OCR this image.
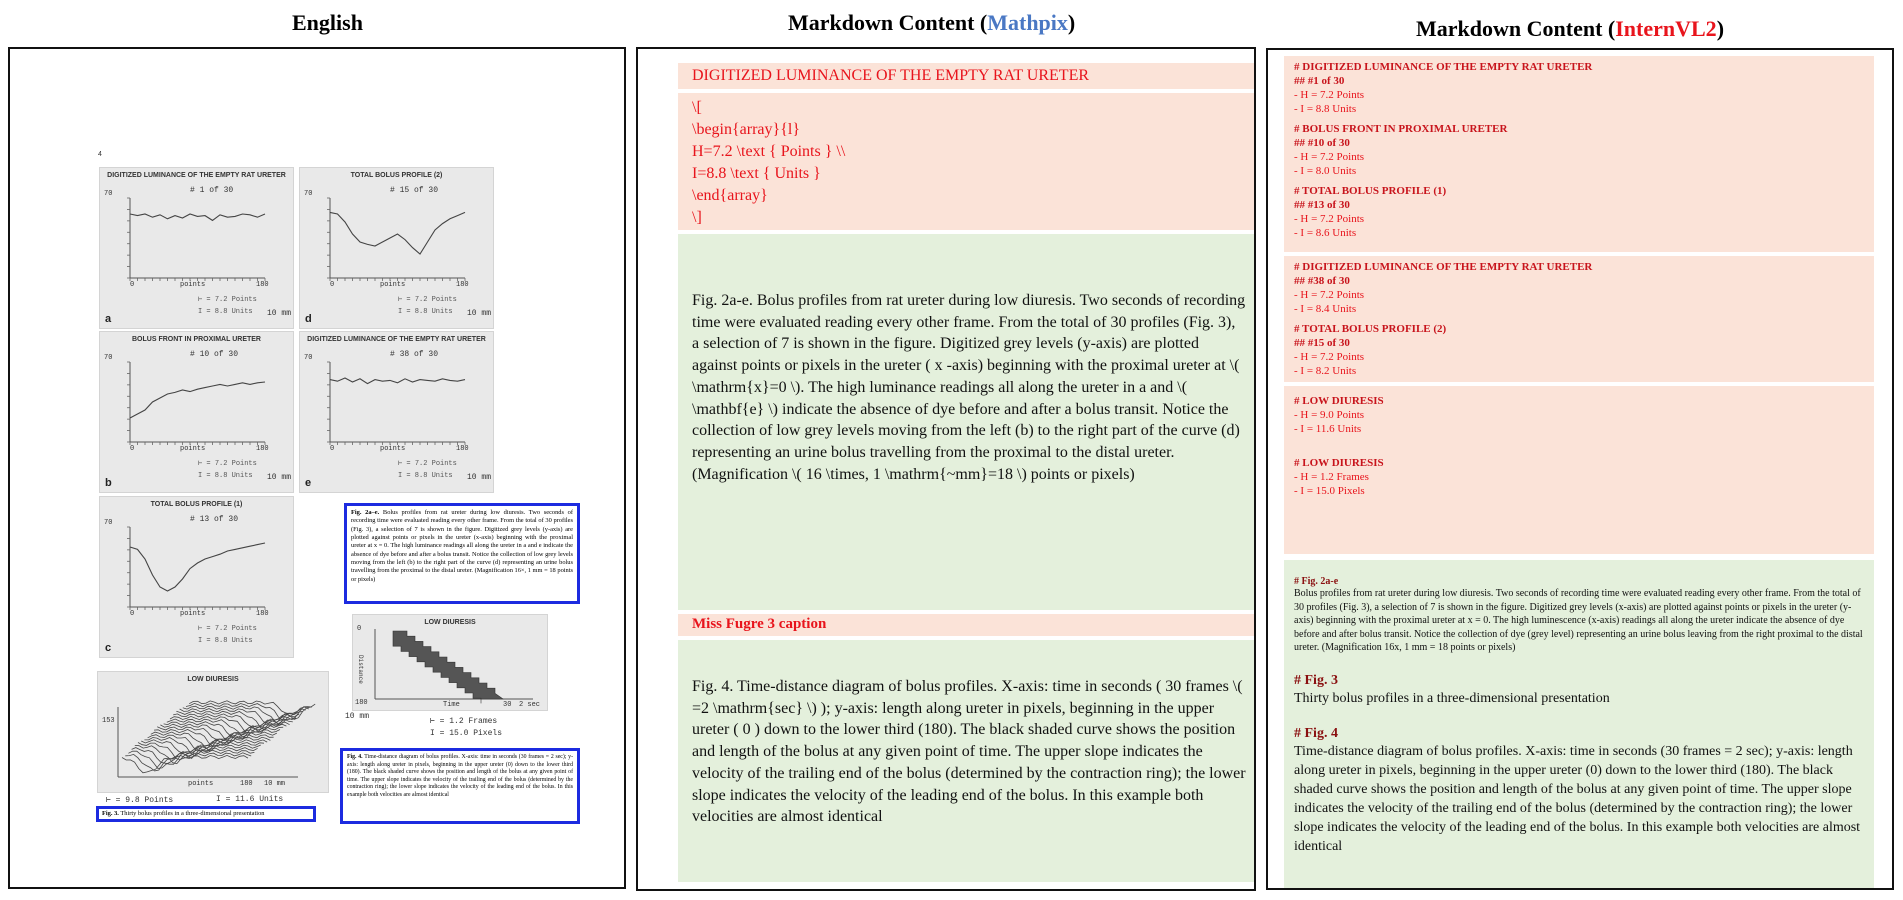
English	Markdown Content (Mathpix)	Markdown Content (InternVL2)
4
DIGITIZED LUMINANCE OF THE EMPTY RAT URETER
# 1 of 30
70
0	180
points
⊢ = 7.2 Points
I = 8.8 Units
a
TOTAL BOLUS PROFILE (2)
# 15 of 30
70
0	180
points
⊢ = 7.2 Points
I = 8.8 Units
d
BOLUS FRONT IN PROXIMAL URETER
# 10 of 30
70
0	180
points
⊢ = 7.2 Points
I = 8.8 Units
b
DIGITIZED LUMINANCE OF THE EMPTY RAT URETER
# 38 of 30
70
0	180
points
⊢ = 7.2 Points
I = 8.8 Units
e
TOTAL BOLUS PROFILE (1)
# 13 of 30
70
0	180
points
⊢ = 7.2 Points
I = 8.8 Units
c
10 mm	10 mm
10 mm	10 mm
Fig. 2a–e. Bolus profiles from rat ureter during low diuresis. Two seconds of recording time were evaluated reading every other frame. From the total of 30 profiles (Fig. 3), a selection of 7 is shown in the figure. Digitized grey levels (y-axis) are plotted against points or pixels in the ureter (x-axis) beginning with the proximal ureter at x = 0. The high luminance readings all along the ureter in a and e indicate the absence of dye before and after a bolus transit. Notice the collection of low grey levels moving from the left (b) to the right part of the curve (d) representing an urine bolus travelling from the proximal to the distal ureter. (Magnification 16×, 1 mm = 18 points or pixels)
LOW DIURESIS
153
points	180 10 mm
⊢ = 9.8 Points	I = 11.6 Units
Fig. 3. Thirty bolus profiles in a three-dimensional presentation
LOW DIURESIS
0
180
Distance
Time	30 2 sec
10 mm
⊢ = 1.2 Frames
I = 15.0 Pixels
Fig. 4. Time-distance diagram of bolus profiles. X-axis: time in seconds (30 frames = 2 sec); y-axis: length along ureter in pixels, beginning in the upper ureter (0) down to the lower third (180). The black shaded curve shows the position and length of the bolus at any given point of time. The upper slope indicates the velocity of the trailing end of the bolus (determined by the contraction ring); the lower slope indicates the velocity of the leading end of the bolus. In this example both velocities are almost identical
DIGITIZED LUMINANCE OF THE EMPTY RAT URETER
\[
\begin{array}{l}
H=7.2 \text { Points } \\
I=8.8 \text { Units }
\end{array}
\]
Fig. 2a-e. Bolus profiles from rat ureter during low diuresis. Two seconds of recording time were evaluated reading every other frame. From the total of 30 profiles (Fig. 3), a selection of 7 is shown in the figure. Digitized grey levels (y-axis) are plotted against points or pixels in the ureter ( x -axis) beginning with the proximal ureter at \( \mathrm{x}=0 \). The high luminance readings all along the ureter in a and \( \mathbf{e} \) indicate the absence of dye before and after a bolus transit. Notice the collection of low grey levels moving from the left (b) to the right part of the curve (d) representing an urine bolus travelling from the proximal to the distal ureter. (Magnification \( 16 \times, 1 \mathrm{~mm}=18 \) points or pixels)
Miss Fugre 3 caption
Fig. 4. Time-distance diagram of bolus profiles. X-axis: time in seconds ( 30 frames \( =2 \mathrm{sec} \) ); y-axis: length along ureter in pixels, beginning in the upper ureter ( 0 ) down to the lower third (180). The black shaded curve shows the position and length of the bolus at any given point of time. The upper slope indicates the velocity of the trailing end of the bolus (determined by the contraction ring); the lower slope indicates the velocity of the leading end of the bolus. In this example both velocities are almost identical
# DIGITIZED LUMINANCE OF THE EMPTY RAT URETER
## #1 of 30
- H = 7.2 Points
- I = 8.8 Units
# BOLUS FRONT IN PROXIMAL URETER
## #10 of 30
- H = 7.2 Points
- I = 8.0 Units
# TOTAL BOLUS PROFILE (1)
## #13 of 30
- H = 7.2 Points
- I = 8.6 Units
# DIGITIZED LUMINANCE OF THE EMPTY RAT URETER
## #38 of 30
- H = 7.2 Points
- I = 8.4 Units
# TOTAL BOLUS PROFILE (2)
## #15 of 30
- H = 7.2 Points
- I = 8.2 Units
# LOW DIURESIS
- H = 9.0 Points
- I = 11.6 Units
# LOW DIURESIS
- H = 1.2 Frames
- I = 15.0 Pixels
# Fig. 2a-e
Bolus profiles from rat ureter during low diuresis. Two seconds of recording time were evaluated reading every other frame. From the total of 30 profiles (Fig. 3), a selection of 7 is shown in the figure. Digitized grey levels (x-axis) are plotted against points or pixels in the ureter (y-axis) beginning with the proximal ureter at x = 0. The high luminescence (x-axis) readings all along the ureter indicate the absence of dye before and after bolus transit. Notice the collection of dye (grey level) representing an urine bolus leaving from the right proximal to the distal ureter. (Magnification 16x, 1 mm = 18 points or pixels)
# Fig. 3
Thirty bolus profiles in a three-dimensional presentation
# Fig. 4
Time-distance diagram of bolus profiles. X-axis: time in seconds (30 frames = 2 sec); y-axis: length along ureter in pixels, beginning in the upper ureter (0) down to the lower third (180). The black shaded curve shows the position and length of the bolus at any given point of time. The upper slope indicates the velocity of the trailing end of the bolus (determined by the contraction ring); the lower slope indicates the velocity of the leading end of the bolus. In this example both velocities are almost identical
